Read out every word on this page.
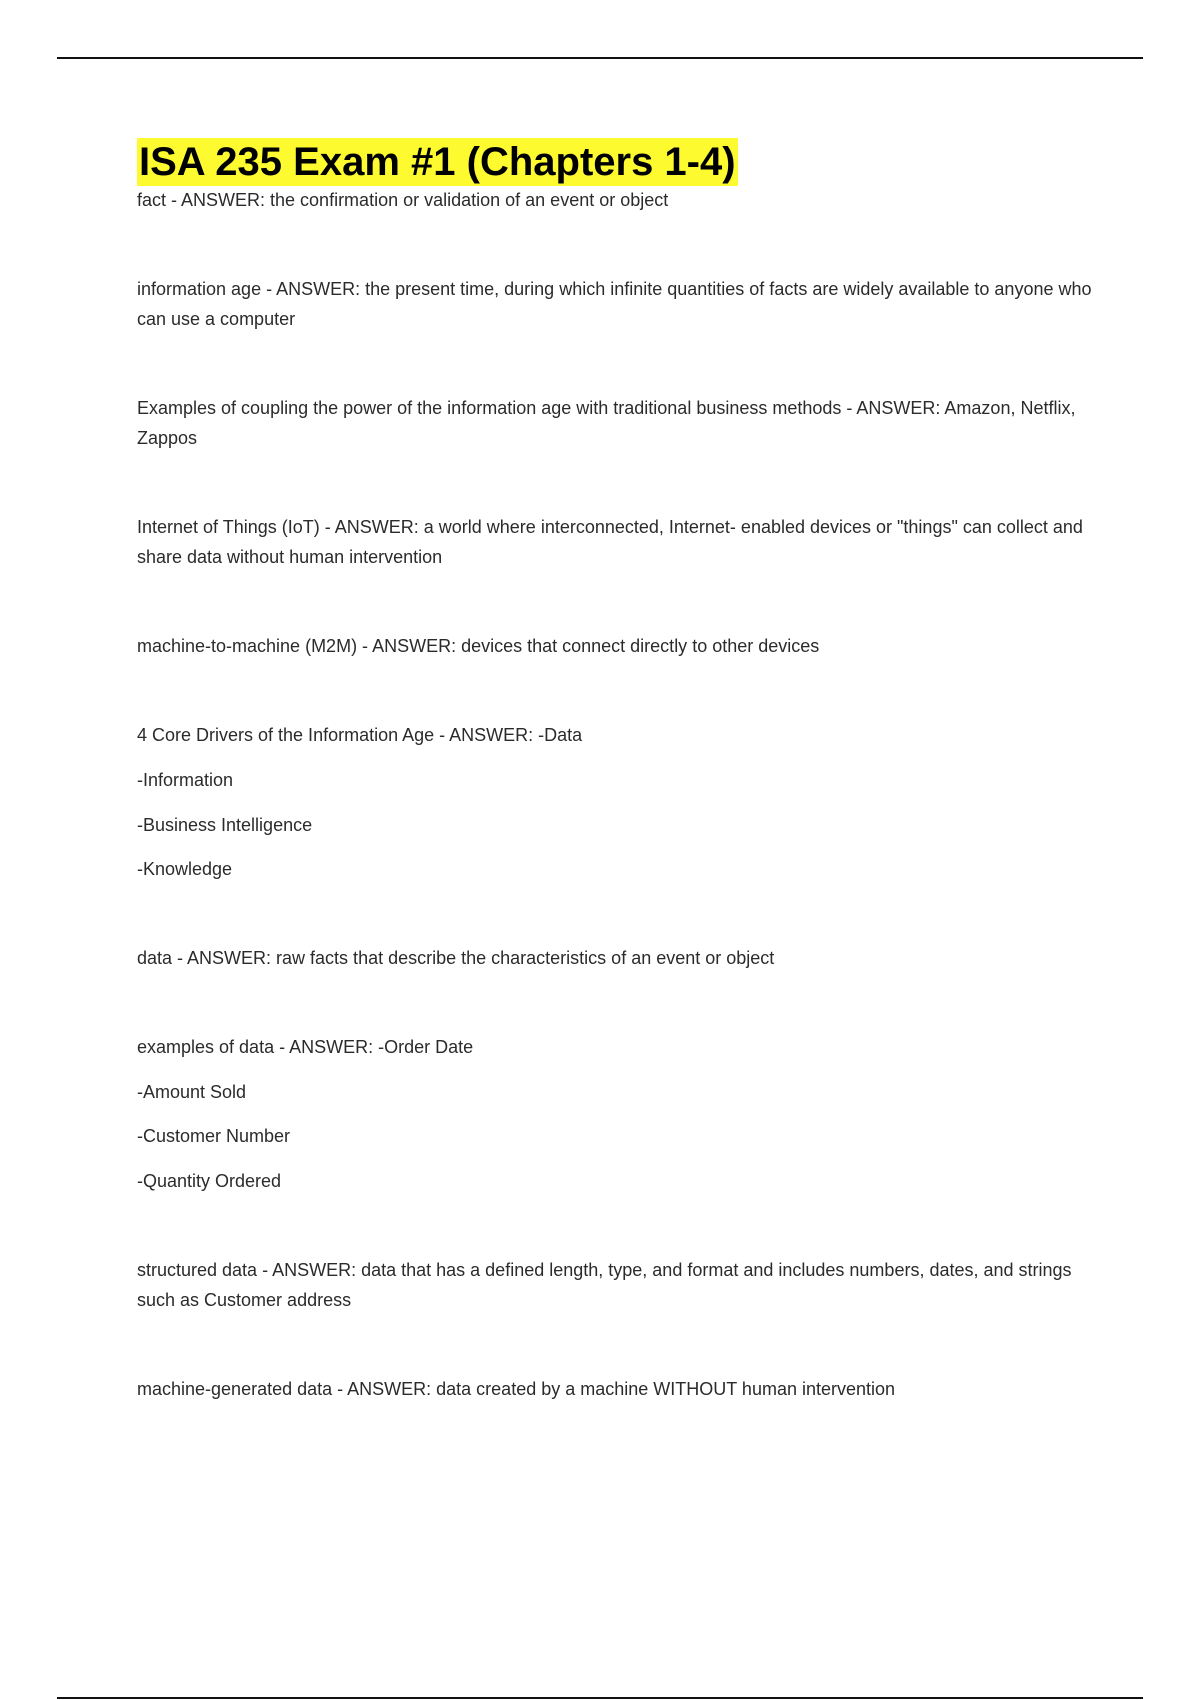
ISA 235 Exam #1 (Chapters 1-4)

fact - ANSWER: the confirmation or validation of an event or object

information age - ANSWER: the present time, during which infinite quantities of facts are widely available to anyone who can use a computer

Examples of coupling the power of the information age with traditional business methods - ANSWER: Amazon, Netflix, Zappos

Internet of Things (IoT) - ANSWER: a world where interconnected, Internet- enabled devices or "things" can collect and share data without human intervention

machine-to-machine (M2M) - ANSWER: devices that connect directly to other devices

4 Core Drivers of the Information Age - ANSWER: -Data
-Information
-Business Intelligence
-Knowledge
data - ANSWER: raw facts that describe the characteristics of an event or object
examples of data - ANSWER: -Order Date
-Amount Sold
-Customer Number
-Quantity Ordered

structured data - ANSWER: data that has a defined length, type, and format and includes numbers, dates, and strings such as Customer address

machine-generated data - ANSWER: data created by a machine WITHOUT human intervention
